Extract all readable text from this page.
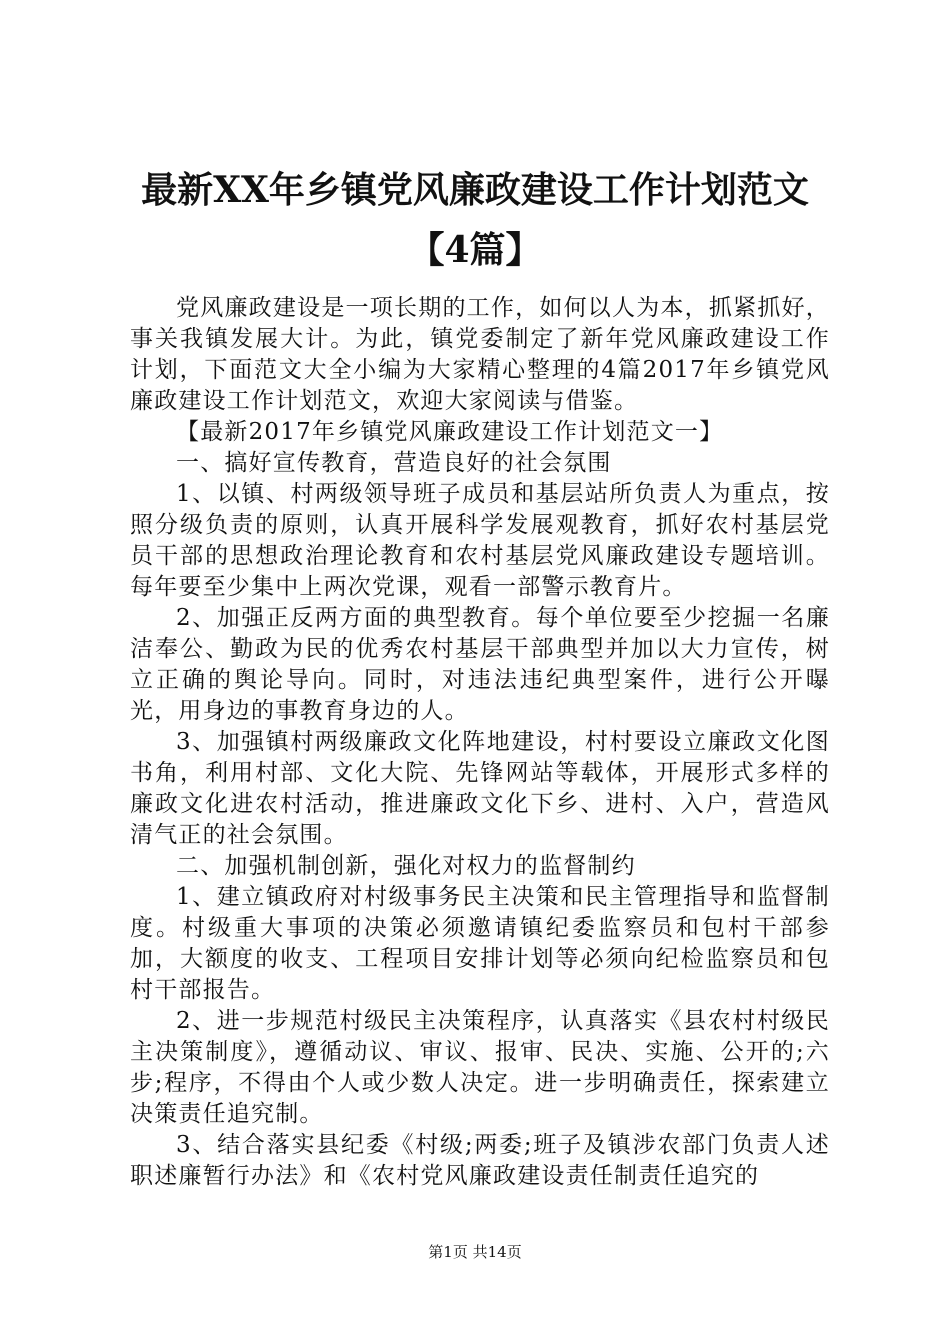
最新XX年乡镇党风廉政建设工作计划范文【4篇】

党风廉政建设是一项长期的工作，如何以人为本，抓紧抓好，事关我镇发展大计。为此，镇党委制定了新年党风廉政建设工作计划，下面范文大全小编为大家精心整理的4篇2017年乡镇党风廉政建设工作计划范文，欢迎大家阅读与借鉴。

【最新2017年乡镇党风廉政建设工作计划范文一】

一、搞好宣传教育，营造良好的社会氛围

1、以镇、村两级领导班子成员和基层站所负责人为重点，按照分级负责的原则，认真开展科学发展观教育，抓好农村基层党员干部的思想政治理论教育和农村基层党风廉政建设专题培训。每年要至少集中上两次党课，观看一部警示教育片。

2、加强正反两方面的典型教育。每个单位要至少挖掘一名廉洁奉公、勤政为民的优秀农村基层干部典型并加以大力宣传，树立正确的舆论导向。同时，对违法违纪典型案件，进行公开曝光，用身边的事教育身边的人。

3、加强镇村两级廉政文化阵地建设，村村要设立廉政文化图书角，利用村部、文化大院、先锋网站等载体，开展形式多样的廉政文化进农村活动，推进廉政文化下乡、进村、入户，营造风清气正的社会氛围。

二、加强机制创新，强化对权力的监督制约

1、建立镇政府对村级事务民主决策和民主管理指导和监督制度。村级重大事项的决策必须邀请镇纪委监察员和包村干部参加，大额度的收支、工程项目安排计划等必须向纪检监察员和包村干部报告。

2、进一步规范村级民主决策程序，认真落实《县农村村级民主决策制度》，遵循动议、审议、报审、民决、实施、公开的;六步;程序，不得由个人或少数人决定。进一步明确责任，探索建立决策责任追究制。

3、结合落实县纪委《村级;两委;班子及镇涉农部门负责人述职述廉暂行办法》和《农村党风廉政建设责任制责任追究的

第1页 共14页
